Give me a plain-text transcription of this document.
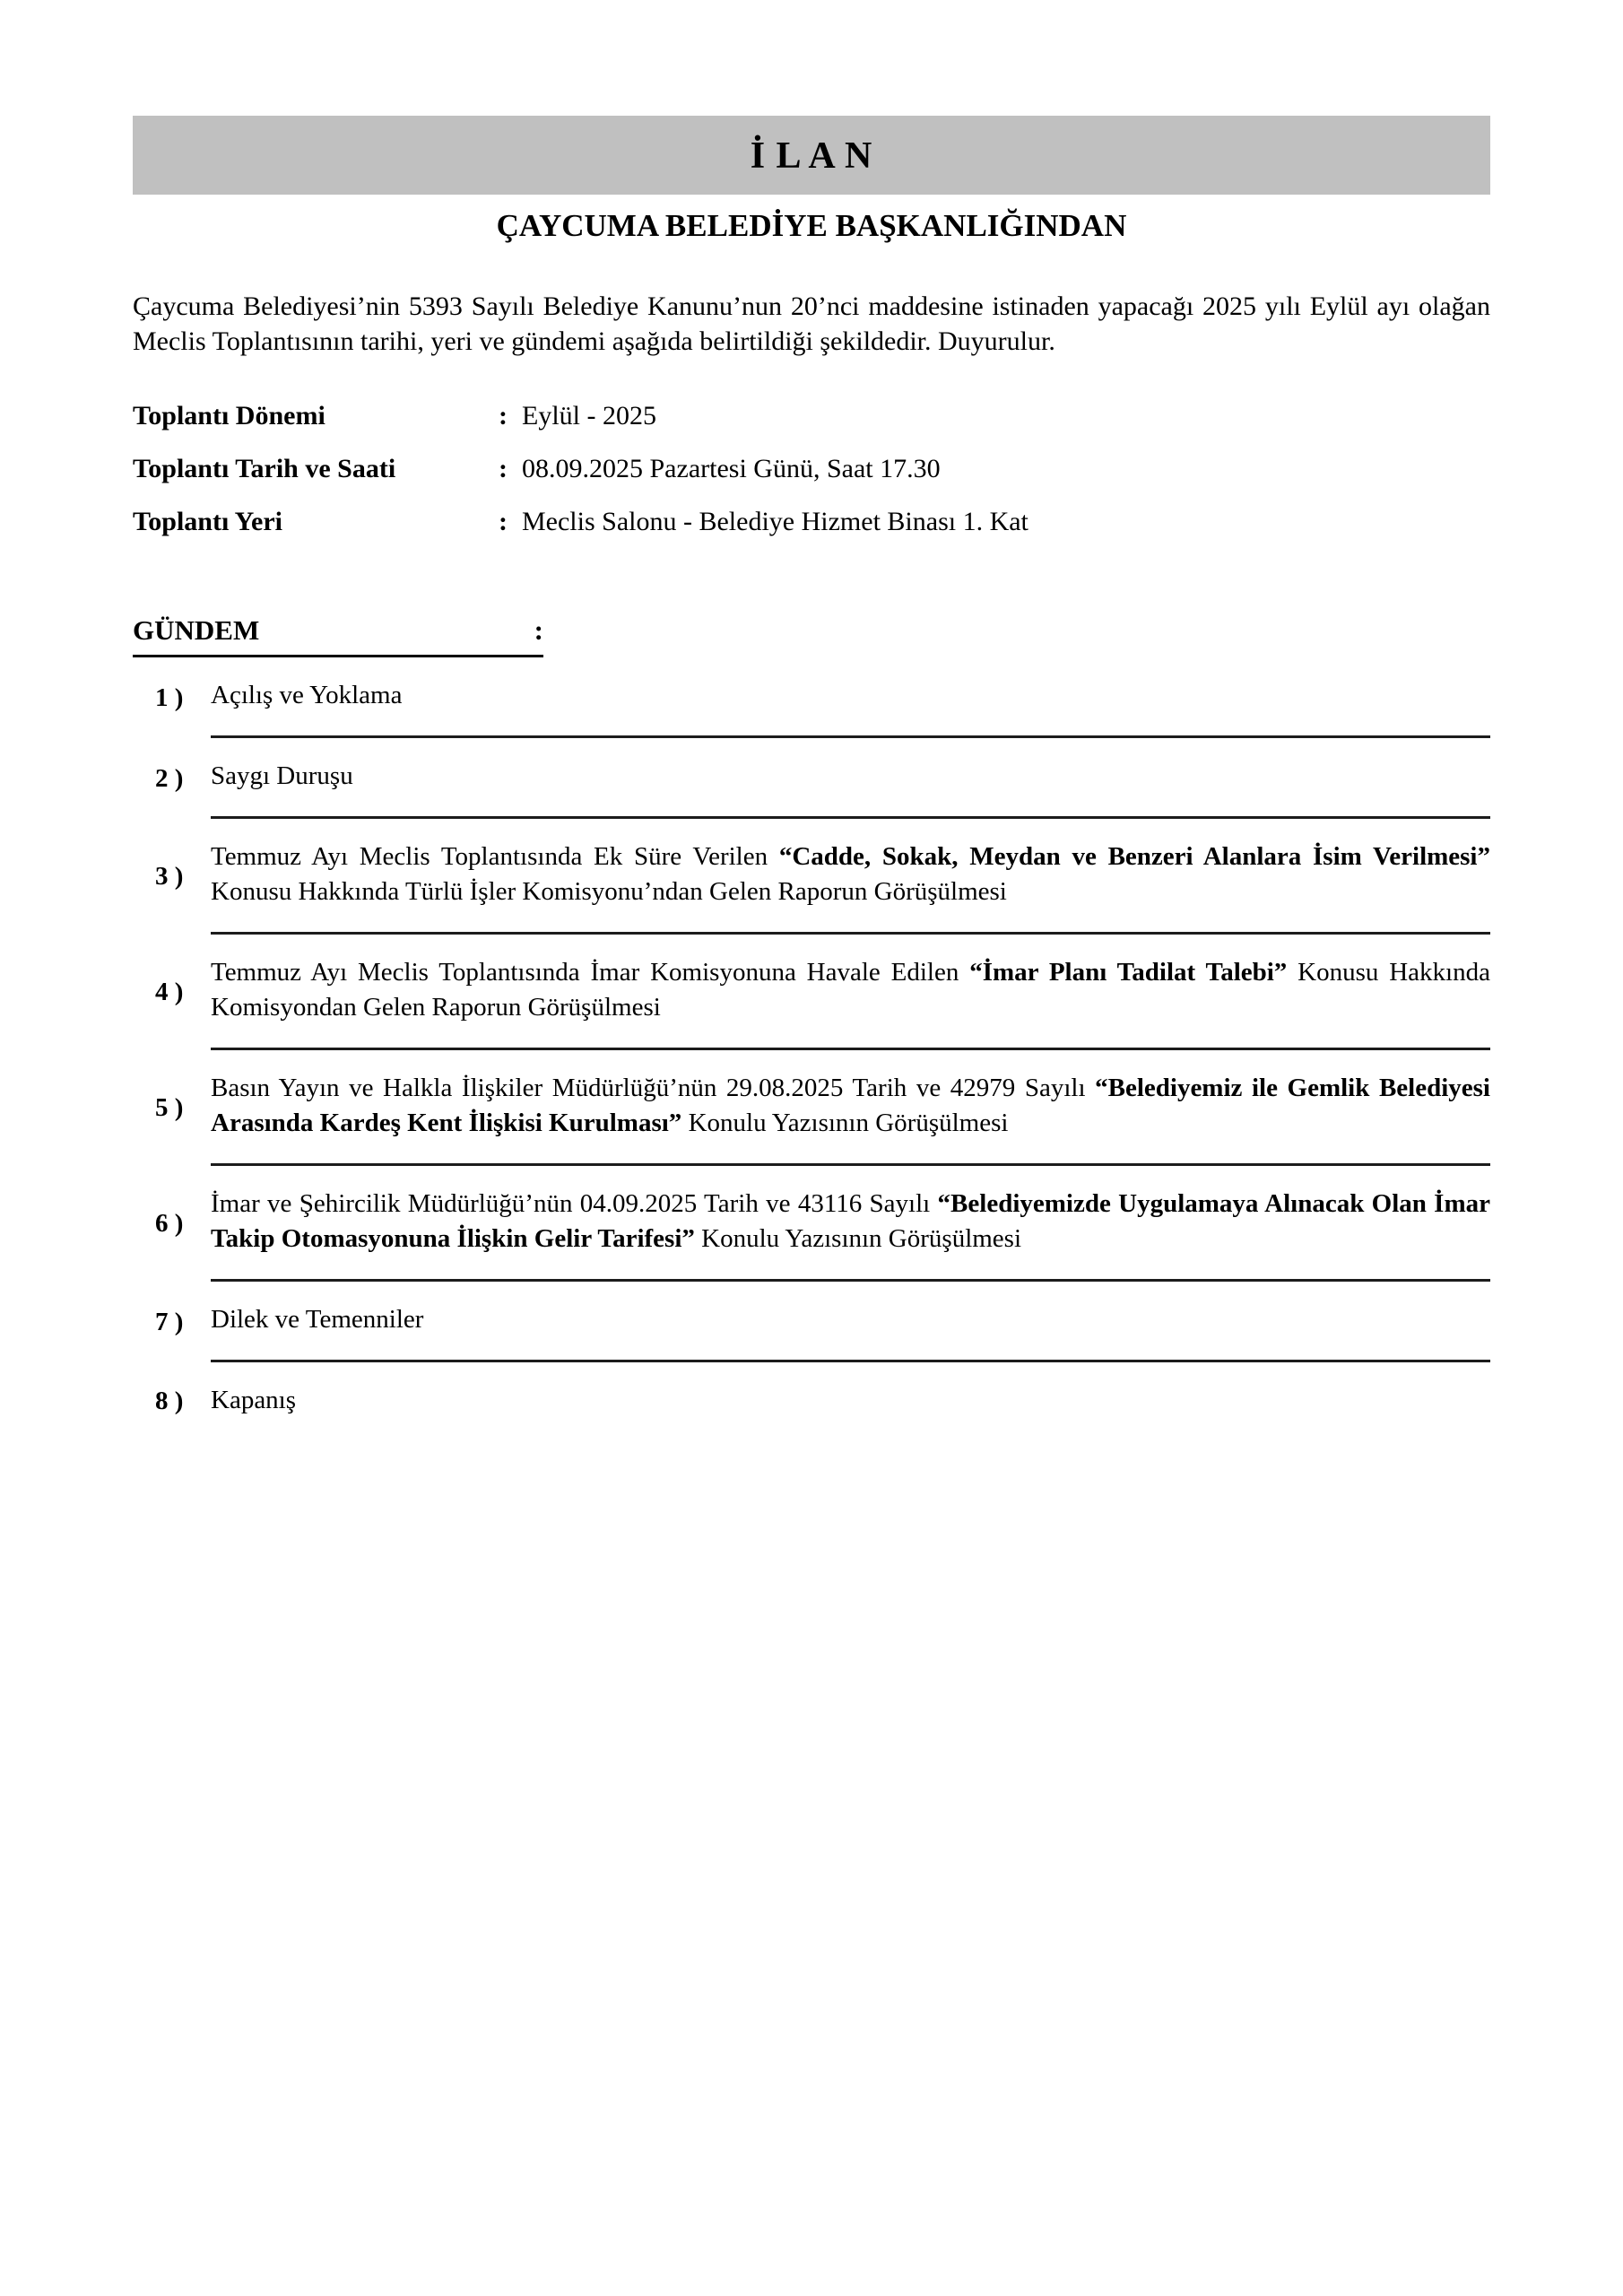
İ L A N
ÇAYCUMA BELEDİYE BAŞKANLIĞINDAN

Çaycuma Belediyesi’nin 5393 Sayılı Belediye Kanunu’nun 20’nci maddesine istinaden yapacağı 2025 yılı Eylül ayı olağan Meclis Toplantısının tarihi, yeri ve gündemi aşağıda belirtildiği şekildedir. Duyurulur.

Toplantı Dönemi	: Eylül - 2025
Toplantı Tarih ve Saati	: 08.09.2025 Pazartesi Günü, Saat 17.30
Toplantı Yeri	: Meclis Salonu - Belediye Hizmet Binası 1. Kat
GÜNDEM	:
1 )	Açılış ve Yoklama
2 )	Saygı Duruşu
3 )
Temmuz Ayı Meclis Toplantısında Ek Süre Verilen “Cadde, Sokak, Meydan ve Benzeri Alanlara İsim Verilmesi” Konusu Hakkında Türlü İşler Komisyonu’ndan Gelen Raporun Görüşülmesi
4 )
Temmuz Ayı Meclis Toplantısında İmar Komisyonuna Havale Edilen “İmar Planı Tadilat Talebi” Konusu Hakkında Komisyondan Gelen Raporun Görüşülmesi
5 )
Basın Yayın ve Halkla İlişkiler Müdürlüğü’nün 29.08.2025 Tarih ve 42979 Sayılı “Belediyemiz ile Gemlik Belediyesi Arasında Kardeş Kent İlişkisi Kurulması” Konulu Yazısının Görüşülmesi
6 )
İmar ve Şehircilik Müdürlüğü’nün 04.09.2025 Tarih ve 43116 Sayılı “Belediyemizde Uygulamaya Alınacak Olan İmar Takip Otomasyonuna İlişkin Gelir Tarifesi” Konulu Yazısının Görüşülmesi
7 )	Dilek ve Temenniler
8 )	Kapanış
